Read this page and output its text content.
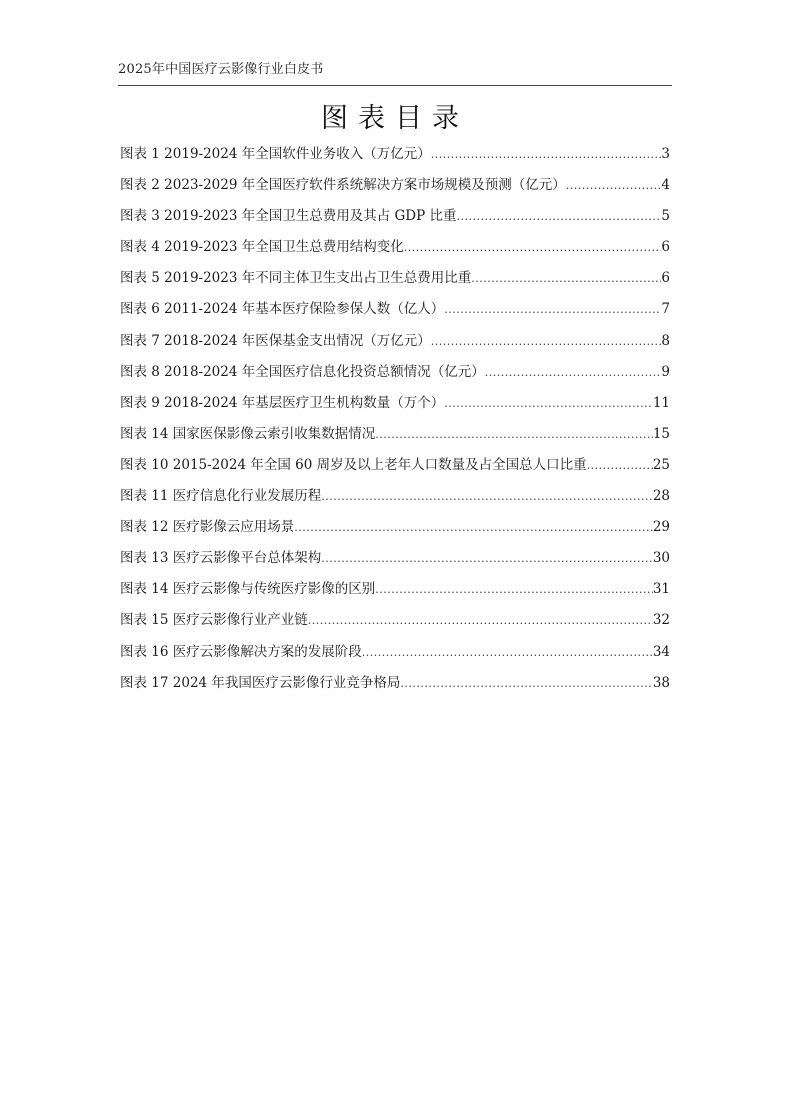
2025年中国医疗云影像行业白皮书
图表目录
图表 1 2019-2024 年全国软件业务收入（万亿元） .....	3
图表 2 2023-2029 年全国医疗软件系统解决方案市场规模及预测（亿元） .....	4
图表 3 2019-2023 年全国卫生总费用及其占 GDP 比重 .....	5
图表 4 2019-2023 年全国卫生总费用结构变化 .....	6
图表 5 2019-2023 年不同主体卫生支出占卫生总费用比重 .....	6
图表 6 2011-2024 年基本医疗保险参保人数（亿人） .....	7
图表 7 2018-2024 年医保基金支出情况（万亿元） .....	8
图表 8 2018-2024 年全国医疗信息化投资总额情况（亿元） .....	9
图表 9 2018-2024 年基层医疗卫生机构数量（万个） .....	11
图表 14 国家医保影像云索引收集数据情况 .....	15
图表 10 2015-2024 年全国 60 周岁及以上老年人口数量及占全国总人口比重 .....	25
图表 11 医疗信息化行业发展历程 .....	28
图表 12 医疗影像云应用场景 .....	29
图表 13 医疗云影像平台总体架构 .....	30
图表 14 医疗云影像与传统医疗影像的区别 .....	31
图表 15 医疗云影像行业产业链 .....	32
图表 16 医疗云影像解决方案的发展阶段 .....	34
图表 17 2024 年我国医疗云影像行业竞争格局 .....	38
